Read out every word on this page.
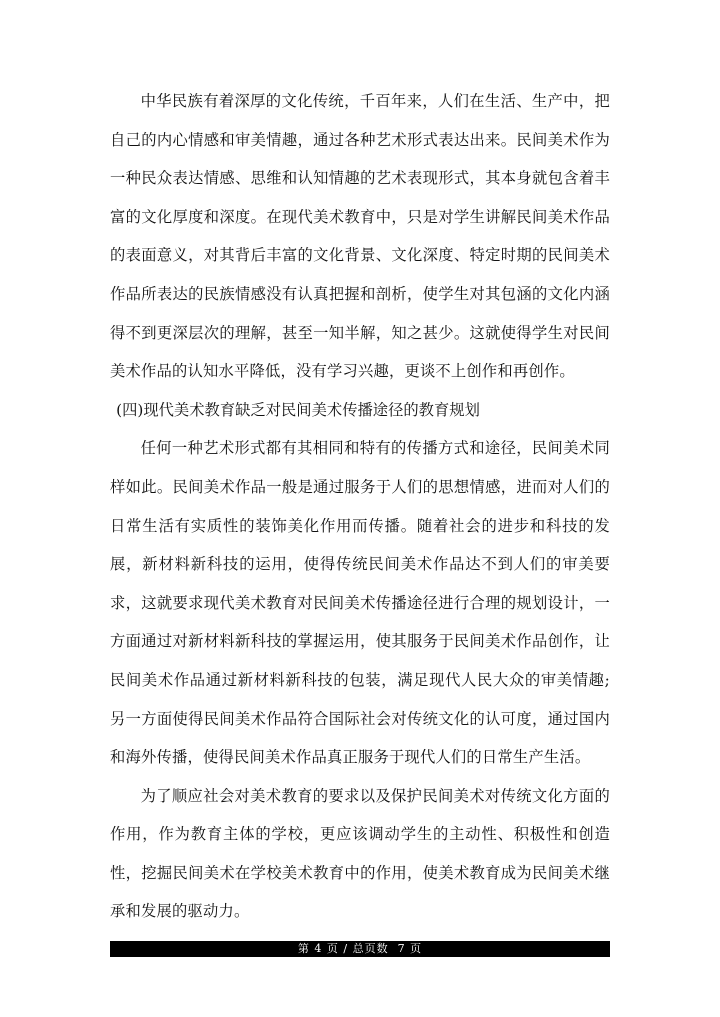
中华民族有着深厚的文化传统，千百年来，人们在生活、生产中，把自己的内心情感和审美情趣，通过各种艺术形式表达出来。民间美术作为一种民众表达情感、思维和认知情趣的艺术表现形式，其本身就包含着丰富的文化厚度和深度。在现代美术教育中，只是对学生讲解民间美术作品的表面意义，对其背后丰富的文化背景、文化深度、特定时期的民间美术作品所表达的民族情感没有认真把握和剖析，使学生对其包涵的文化内涵得不到更深层次的理解，甚至一知半解，知之甚少。这就使得学生对民间美术作品的认知水平降低，没有学习兴趣，更谈不上创作和再创作。

(四)现代美术教育缺乏对民间美术传播途径的教育规划

任何一种艺术形式都有其相同和特有的传播方式和途径，民间美术同样如此。民间美术作品一般是通过服务于人们的思想情感，进而对人们的日常生活有实质性的装饰美化作用而传播。随着社会的进步和科技的发展，新材料新科技的运用，使得传统民间美术作品达不到人们的审美要求，这就要求现代美术教育对民间美术传播途径进行合理的规划设计，一方面通过对新材料新科技的掌握运用，使其服务于民间美术作品创作，让民间美术作品通过新材料新科技的包装，满足现代人民大众的审美情趣;另一方面使得民间美术作品符合国际社会对传统文化的认可度，通过国内和海外传播，使得民间美术作品真正服务于现代人们的日常生产生活。

为了顺应社会对美术教育的要求以及保护民间美术对传统文化方面的作用，作为教育主体的学校，更应该调动学生的主动性、积极性和创造性，挖掘民间美术在学校美术教育中的作用，使美术教育成为民间美术继承和发展的驱动力。

第 4 页 / 总页数  7 页
